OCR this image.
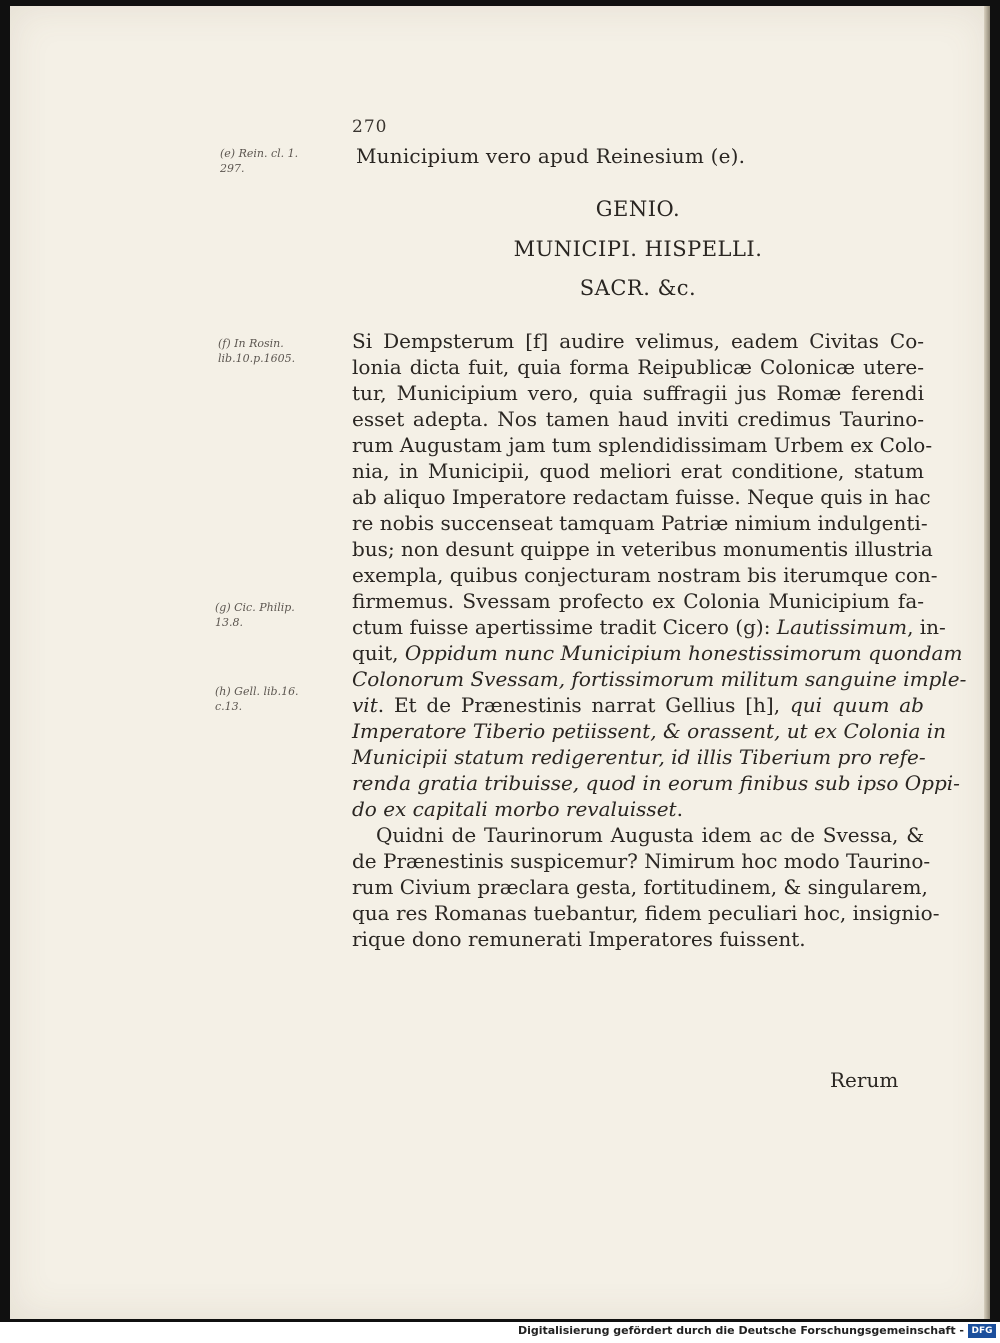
270
(e) Rein. cl. 1.
297.
(f) In Rosin.
lib.10.p.1605.
(g) Cic. Philip.
13.8.
(h) Gell. lib.16.
c.13.
Municipium vero apud Reinesium (e).
GENIO.
MUNICIPI. HISPELLI.
SACR. &c.
Si Dempsterum [f] audire velimus, eadem Civitas Co-
lonia dicta fuit, quia forma Reipublicæ Colonicæ utere-
tur, Municipium vero, quia suffragii jus Romæ ferendi
esset adepta. Nos tamen haud inviti credimus Taurino-
rum Augustam jam tum splendidissimam Urbem ex Colo-
nia, in Municipii, quod meliori erat conditione, statum
ab aliquo Imperatore redactam fuisse. Neque quis in hac
re nobis succenseat tamquam Patriæ nimium indulgenti-
bus; non desunt quippe in veteribus monumentis illustria
exempla, quibus conjecturam nostram bis iterumque con-
firmemus. Svessam profecto ex Colonia Municipium fa-
ctum fuisse apertissime tradit Cicero (g): Lautissimum, in-
quit, Oppidum nunc Municipium honestissimorum quondam
Colonorum Svessam, fortissimorum militum sanguine imple-
vit. Et de Prænestinis narrat Gellius [h], qui quum ab
Imperatore Tiberio petiissent, & orassent, ut ex Colonia in
Municipii statum redigerentur, id illis Tiberium pro refe-
renda gratia tribuisse, quod in eorum finibus sub ipso Oppi-
do ex capitali morbo revaluisset.
Quidni de Taurinorum Augusta idem ac de Svessa, &
de Prænestinis suspicemur? Nimirum hoc modo Taurino-
rum Civium præclara gesta, fortitudinem, & singularem,
qua res Romanas tuebantur, fidem peculiari hoc, insignio-
rique dono remunerati Imperatores fuissent.
Rerum
Digitalisierung gefördert durch die Deutsche Forschungsgemeinschaft - DFG
